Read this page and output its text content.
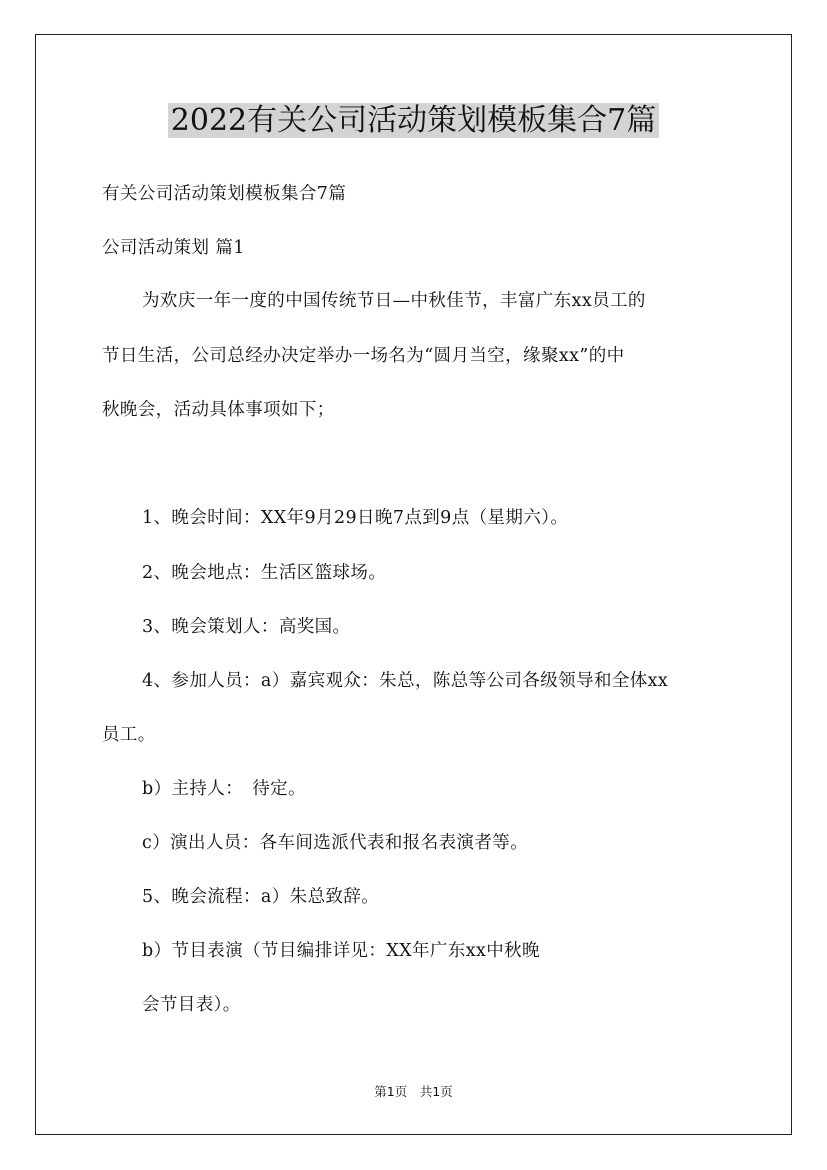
2022有关公司活动策划模板集合7篇
有关公司活动策划模板集合7篇
公司活动策划 篇1
为欢庆一年一度的中国传统节日—中秋佳节，丰富广东xx员工的
节日生活，公司总经办决定举办一场名为“圆月当空，缘聚xx”的中
秋晚会，活动具体事项如下；
1、晚会时间：XX年9月29日晚7点到9点（星期六）。
2、晚会地点：生活区篮球场。
3、晚会策划人：高奖国。
4、参加人员：a）嘉宾观众：朱总，陈总等公司各级领导和全体xx
员工。
b）主持人：　待定。
c）演出人员：各车间选派代表和报名表演者等。
5、晚会流程：a）朱总致辞。
b）节目表演（节目编排详见：XX年广东xx中秋晚
会节目表）。
第1页　共1页
